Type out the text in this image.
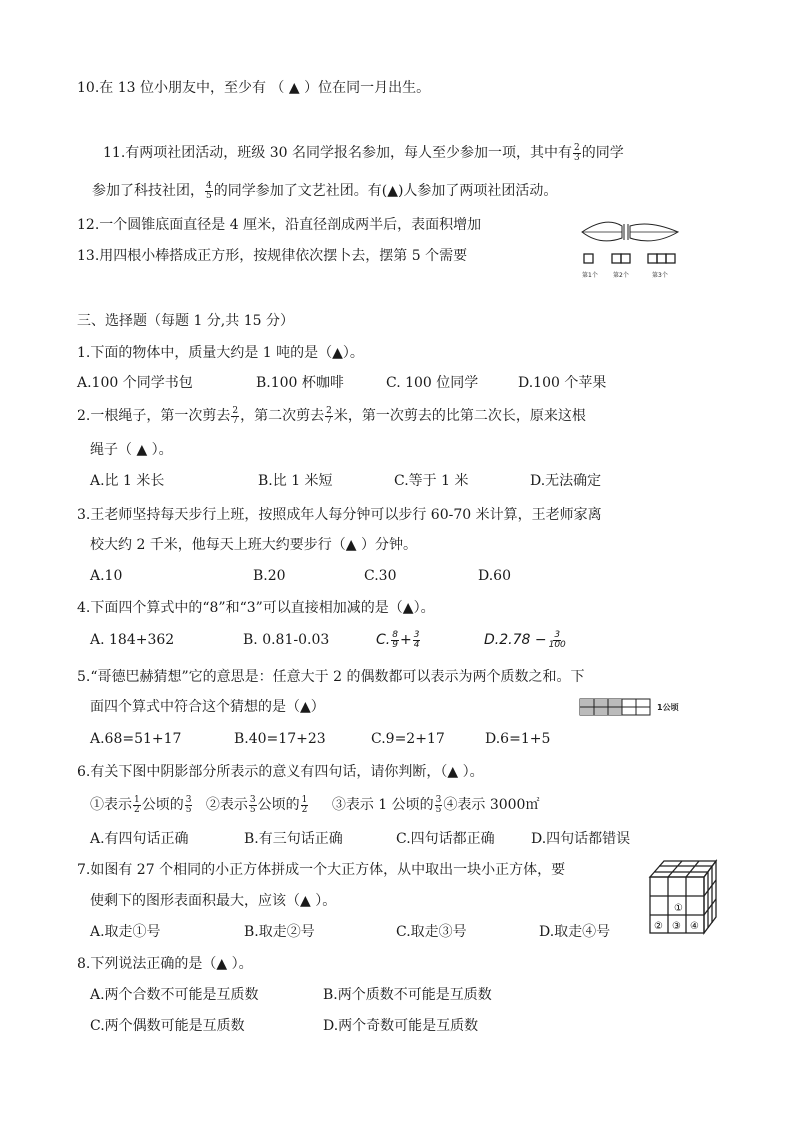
10.在 13 位小朋友中，至少有 （ ▲ ）位在同一月出生。
11.有两项社团活动，班级 30 名同学报名参加，每人至少参加一项，其中有 $\frac{2}{3}$ 的同学
参加了科技社团， $\frac{4}{5}$ 的同学参加了文艺社团。有(▲)人参加了两项社团活动。
12.一个圆锥底面直径是 4 厘米，沿直径剖成两半后，表面积增加
13.用四根小棒搭成正方形，按规律依次摆卜去，摆第 5 个需要
第1个	第2个	第3个
三、选择题（每题 1 分,共 15 分）
1.下面的物体中，质量大约是 1 吨的是（▲）。
A.100 个同学书包	B.100 杯咖啡	C. 100 位同学	D.100 个苹果
2.一根绳子，第一次剪去 $\frac{2}{7}$ ，第二次剪去 $\frac{2}{7}$ 米，第一次剪去的比第二次长，原来这根
绳子（ ▲ ）。
A.比 1 米长	B.比 1 米短	C.等于 1 米	D.无法确定
3.王老师坚持每天步行上班，按照成年人每分钟可以步行 60-70 米计算，王老师家离
校大约 2 千米，他每天上班大约要步行（▲ ）分钟。
A.10	B.20	C.30	D.60
4.下面四个算式中的“8”和“3”可以直接相加减的是（▲）。
A. 184+362	B. 0.81-0.03	C. $\frac{8}{9} + \frac{3}{4}$	$D.2.78 - \frac{3}{100}$
5.“哥德巴赫猜想”它的意思是：任意大于 2 的偶数都可以表示为两个质数之和。下
面四个算式中符合这个猜想的是（▲）	1公顷
A.68=51+17	B.40=17+23	C.9=2+17	D.6=1+5
6.有关下图中阴影部分所表示的意义有四句话，请你判断，（▲ ）。
①表示 $\frac{1}{2}$ 公顷的 $\frac{3}{5}$ ②表示 $\frac{3}{5}$ 公顷的 $\frac{1}{2}$ ③表示 1 公顷的 $\frac{3}{5}$ ④表示 3000㎡
A.有四句话正确	B.有三句话正确	C.四句话都正确	D.四句话都错误
7.如图有 27 个相同的小正方体拼成一个大正方体，从中取出一块小正方体，要
使剩下的图形表面积最大，应该（▲ ）。	①
② ③ ④
A.取走①号	B.取走②号	C.取走③号	D.取走④号
8.下列说法正确的是（▲ ）。
A.两个合数不可能是互质数	B.两个质数不可能是互质数
C.两个偶数可能是互质数	D.两个奇数可能是互质数
